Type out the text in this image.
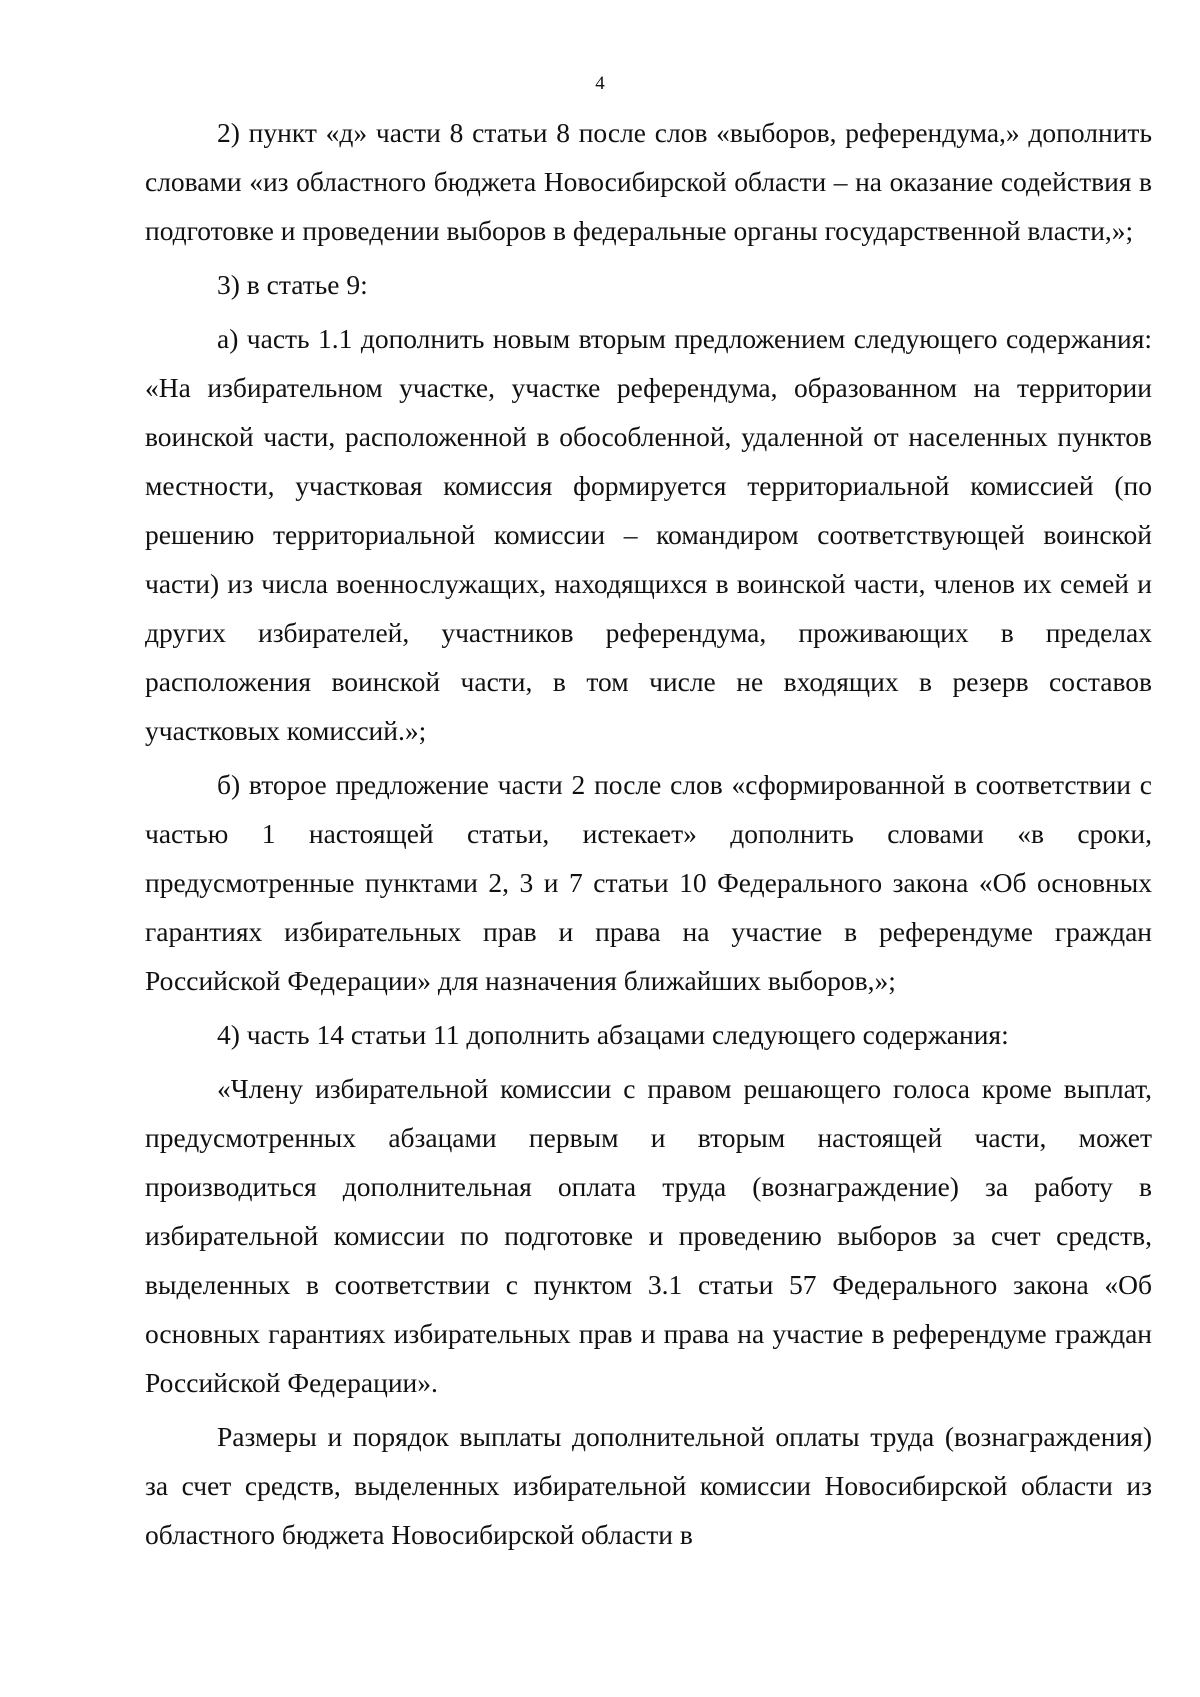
4

2) пункт «д» части 8 статьи 8 после слов «выборов, референдума,» дополнить словами «из областного бюджета Новосибирской области – на оказание содействия в подготовке и проведении выборов в федеральные органы государственной власти,»;

3) в статье 9:

а) часть 1.1 дополнить новым вторым предложением следующего содержания: «На избирательном участке, участке референдума, образованном на территории воинской части, расположенной в обособленной, удаленной от населенных пунктов местности, участковая комиссия формируется территориальной комиссией (по решению территориальной комиссии – командиром соответствующей воинской части) из числа военнослужащих, находящихся в воинской части, членов их семей и других избирателей, участников референдума, проживающих в пределах расположения воинской части, в том числе не входящих в резерв составов участковых комиссий.»;

б) второе предложение части 2 после слов «сформированной в соответствии с частью 1 настоящей статьи, истекает» дополнить словами «в сроки, предусмотренные пунктами 2, 3 и 7 статьи 10 Федерального закона «Об основных гарантиях избирательных прав и права на участие в референдуме граждан Российской Федерации» для назначения ближайших выборов,»;

4) часть 14 статьи 11 дополнить абзацами следующего содержания:

«Члену избирательной комиссии с правом решающего голоса кроме выплат, предусмотренных абзацами первым и вторым настоящей части, может производиться дополнительная оплата труда (вознаграждение) за работу в избирательной комиссии по подготовке и проведению выборов за счет средств, выделенных в соответствии с пунктом 3.1 статьи 57 Федерального закона «Об основных гарантиях избирательных прав и права на участие в референдуме граждан Российской Федерации».

Размеры и порядок выплаты дополнительной оплаты труда (вознаграждения) за счет средств, выделенных избирательной комиссии Новосибирской области из областного бюджета Новосибирской области в
